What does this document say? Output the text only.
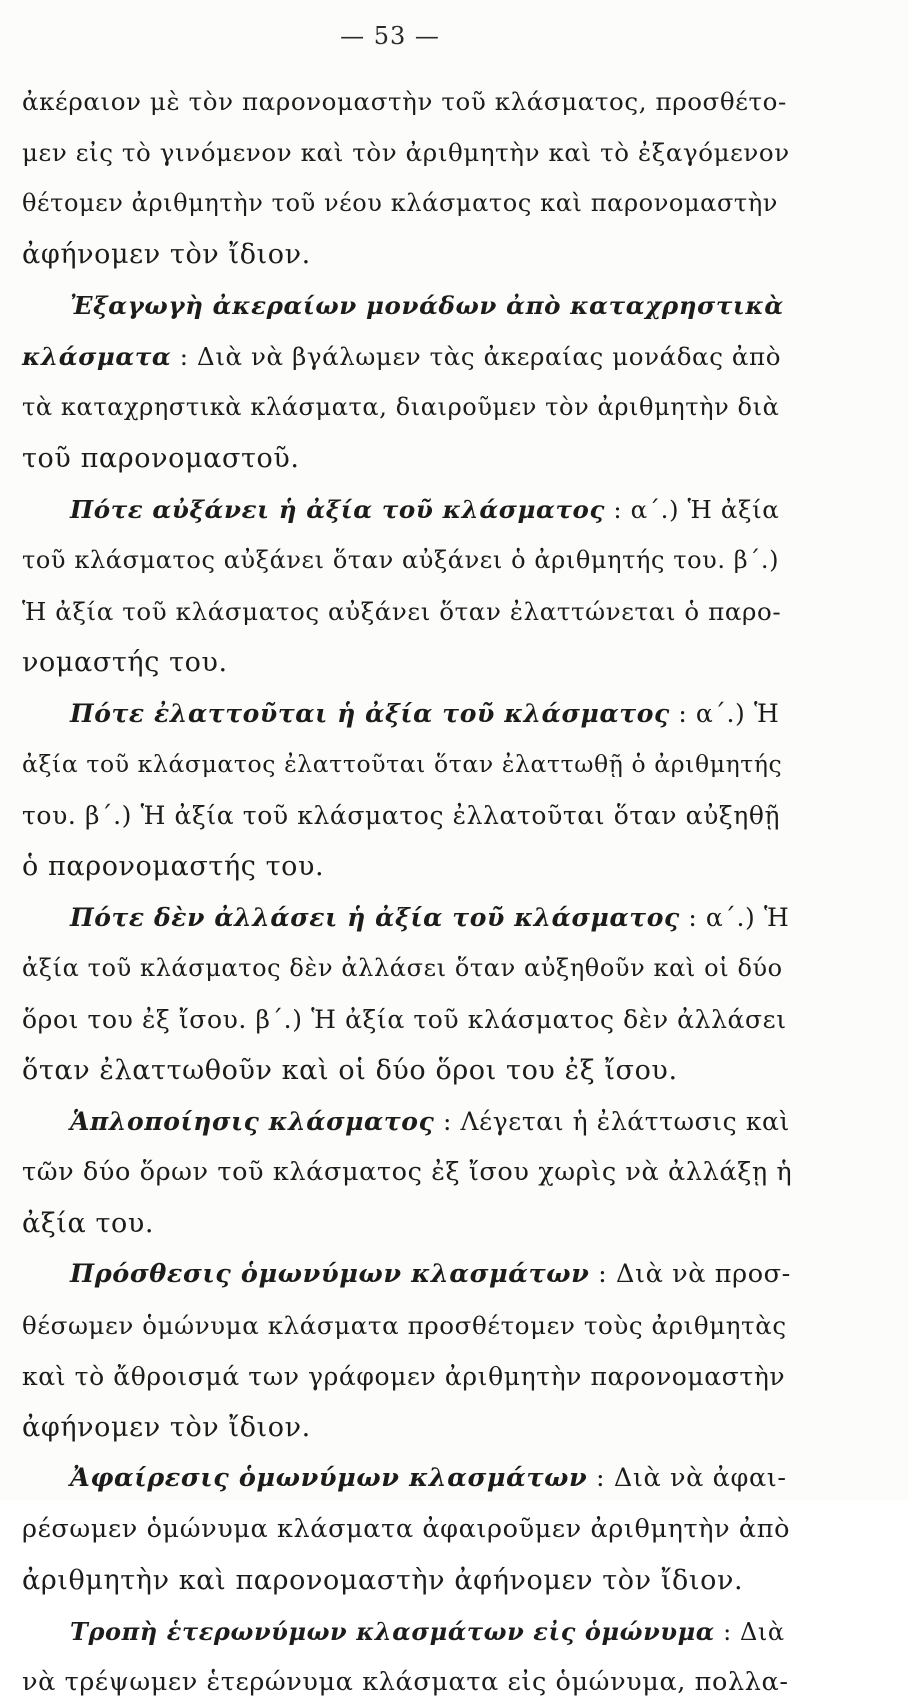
— 53 —
ἀκέραιον μὲ τὸν παρονομαστὴν τοῦ κλάσματος, προσθέτο-
μεν εἰς τὸ γινόμενον καὶ τὸν ἀριθμητὴν καὶ τὸ ἐξαγόμενον
θέτομεν ἀριθμητὴν τοῦ νέου κλάσματος καὶ παρονομαστὴν
ἀφήνομεν τὸν ἴδιον.
Ἐξαγωγὴ ἀκεραίων μονάδων ἀπὸ καταχρηστικὰ
κλάσματα : Διὰ νὰ βγάλωμεν τὰς ἀκεραίας μονάδας ἀπὸ
τὰ καταχρηστικὰ κλάσματα, διαιροῦμεν τὸν ἀριθμητὴν διὰ
τοῦ παρονομαστοῦ.
Πότε αὐξάνει ἡ ἀξία τοῦ κλάσματος : α΄.) Ἡ ἀξία
τοῦ κλάσματος αὐξάνει ὅταν αὐξάνει ὁ ἀριθμητής του. β΄.)
Ἡ ἀξία τοῦ κλάσματος αὐξάνει ὅταν ἐλαττώνεται ὁ παρο-
νομαστής του.
Πότε ἐλαττοῦται ἡ ἀξία τοῦ κλάσματος : α΄.) Ἡ
ἀξία τοῦ κλάσματος ἐλαττοῦται ὅταν ἐλαττωθῇ ὁ ἀριθμητής
του. β΄.) Ἡ ἀξία τοῦ κλάσματος ἐλλατοῦται ὅταν αὐξηθῇ
ὁ παρονομαστής του.
Πότε δὲν ἀλλάσει ἡ ἀξία τοῦ κλάσματος : α΄.) Ἡ
ἀξία τοῦ κλάσματος δὲν ἀλλάσει ὅταν αὐξηθοῦν καὶ οἱ δύο
ὅροι του ἐξ ἴσου. β΄.) Ἡ ἀξία τοῦ κλάσματος δὲν ἀλλάσει
ὅταν ἐλαττωθοῦν καὶ οἱ δύο ὅροι του ἐξ ἴσου.
Ἁπλοποίησις κλάσματος : Λέγεται ἡ ἐλάττωσις καὶ
τῶν δύο ὅρων τοῦ κλάσματος ἐξ ἴσου χωρὶς νὰ ἀλλάξῃ ἡ
ἀξία του.
Πρόσθεσις ὁμωνύμων κλασμάτων : Διὰ νὰ προσ-
θέσωμεν ὁμώνυμα κλάσματα προσθέτομεν τοὺς ἀριθμητὰς
καὶ τὸ ἄθροισμά των γράφομεν ἀριθμητὴν παρονομαστὴν
ἀφήνομεν τὸν ἴδιον.
Ἀφαίρεσις ὁμωνύμων κλασμάτων : Διὰ νὰ ἀφαι-
ρέσωμεν ὁμώνυμα κλάσματα ἀφαιροῦμεν ἀριθμητὴν ἀπὸ
ἀριθμητὴν καὶ παρονομαστὴν ἀφήνομεν τὸν ἴδιον.
Τροπὴ ἑτερωνύμων κλασμάτων εἰς ὁμώνυμα : Διὰ
νὰ τρέψωμεν ἑτερώνυμα κλάσματα εἰς ὁμώνυμα, πολλα-
